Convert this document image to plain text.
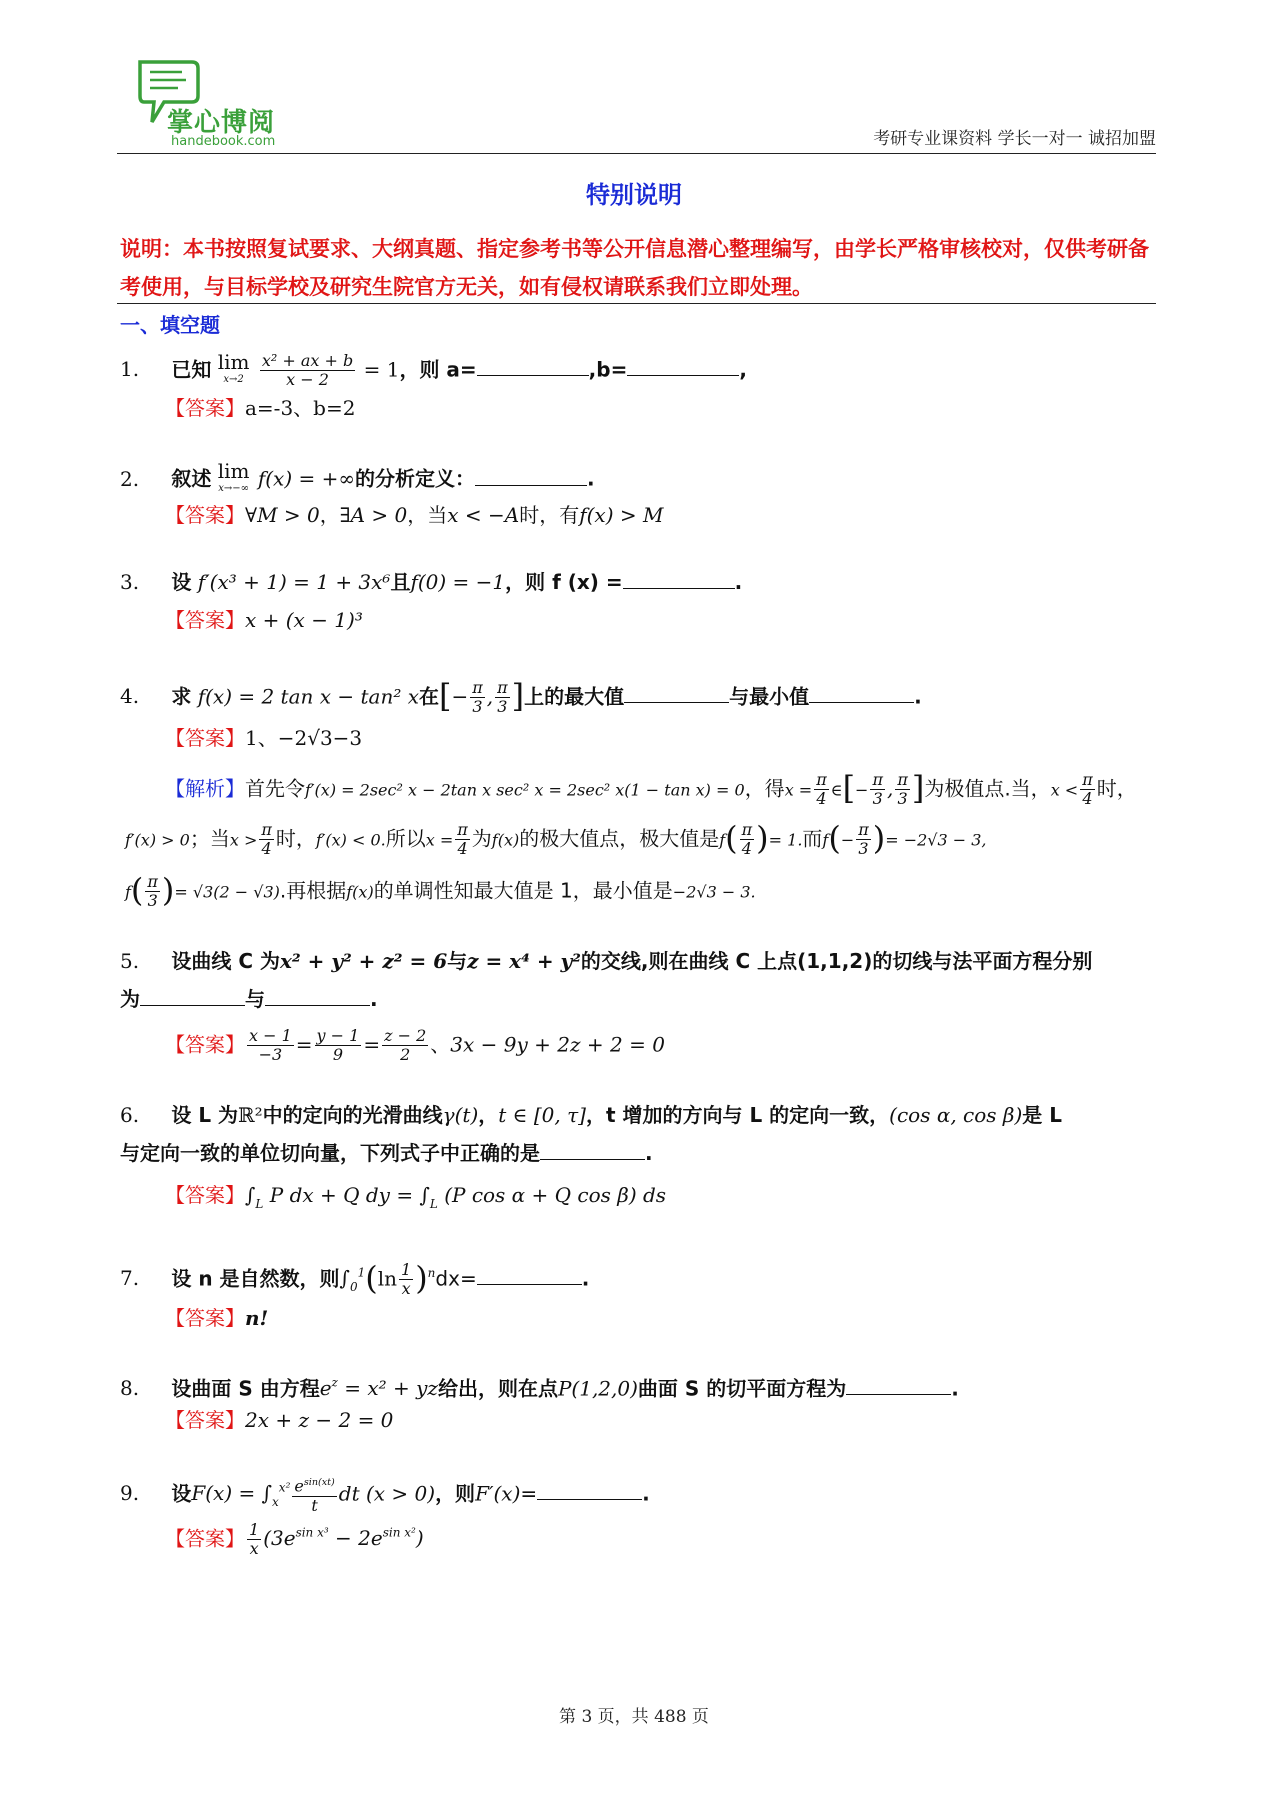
掌心博阅
handebook.com	考研专业课资料 学长一对一 诚招加盟
特别说明
说明：本书按照复试要求、大纲真题、指定参考书等公开信息潜心整理编写，由学长严格审核校对，仅供考研备考使用，与目标学校及研究生院官方无关，如有侵权请联系我们立即处理。
一、填空题
1. 已知 lim
x→2
	$\frac{\text{x² + ax + b}}{x - 2} = 1$，则 a=	,b=	,
【答案】a=-3、b=2
2. 叙述 lim
x→−∞ f(x) = +∞的分析定义：	.
【答案】∀M > 0，∃A > 0，当x < −A时，有f(x) > M
3. 设 f′(x³ + 1) = 1 + 3x⁶且f(0) = −1，则 f (x) =	.
【答案】x + (x − 1)³
4. 求 f(x) = 2 tan x − tan² x在[− $\frac{\pi}{3}$ , $\frac{\pi}{3}$ ]上的最大值	与最小值	.
【答案】1、−2√3−3
【解析】首先令f′(x) = 2sec² x − 2tan x sec² x = 2sec² x(1 − tan x) = 0，得$x = \frac{\pi}{4}$ ∈[− $\frac{\pi}{3}$ , $\frac{\pi}{3}$ ]为极值点.当，$x < \frac{\pi}{4}$ 时，
f′(x) > 0；当$x > \frac{\pi}{4}$ 时，f′(x) < 0.所以$x = \frac{\pi}{4}$ 为f(x)的极大值点，极大值是$f( \frac{\pi}{4}$ )= 1.而$f(- \frac{\pi}{3}$ )= −2√3 − 3,
$f( \frac{\pi}{3}$ )= √3(2 − √3).再根据f(x)的单调性知最大值是 1，最小值是−2√3 − 3.
5. 设曲线 C 为x² + y² + z² = 6与z = x⁴ + y²的交线,则在曲线 C 上点(1,1,2)的切线与法平面方程分别
为	与	.
【答案】 $\frac{x - 1}{-3} = \frac{y - 1}{9} = \frac{z - 2}{2}$ 、3x − 9y + 2z + 2 = 0
6. 设 L 为ℝ²中的定向的光滑曲线γ(t)，t ∈ [0, τ]，t 增加的方向与 L 的定向一致，(cos α, cos β)是 L
与定向一致的单位切向量，下列式子中正确的是	.
【答案】$\int_L$ P dx + Q dy = $\int_L$ (P cos α + Q cos β) ds
7. 设 n 是自然数，则$\int_0^1(\ln \frac{1}{x} )^ndx=$	.
【答案】n!
8. 设曲面 S 由方程$e^z = x^2$ + yz给出，则在点P(1,2,0)曲面 S 的切平面方程为	.
【答案】2x + z − 2 = 0
9. 设$F(x) = \int_x^{x^2} \frac{e^{sin(xt)}}{t}$ dt (x > 0)，则F′(x)=	.
【答案】 $\frac{1}{x} (3e^{sin x^3} - 2e^{sin x^2})$
第 3 页，共 488 页
